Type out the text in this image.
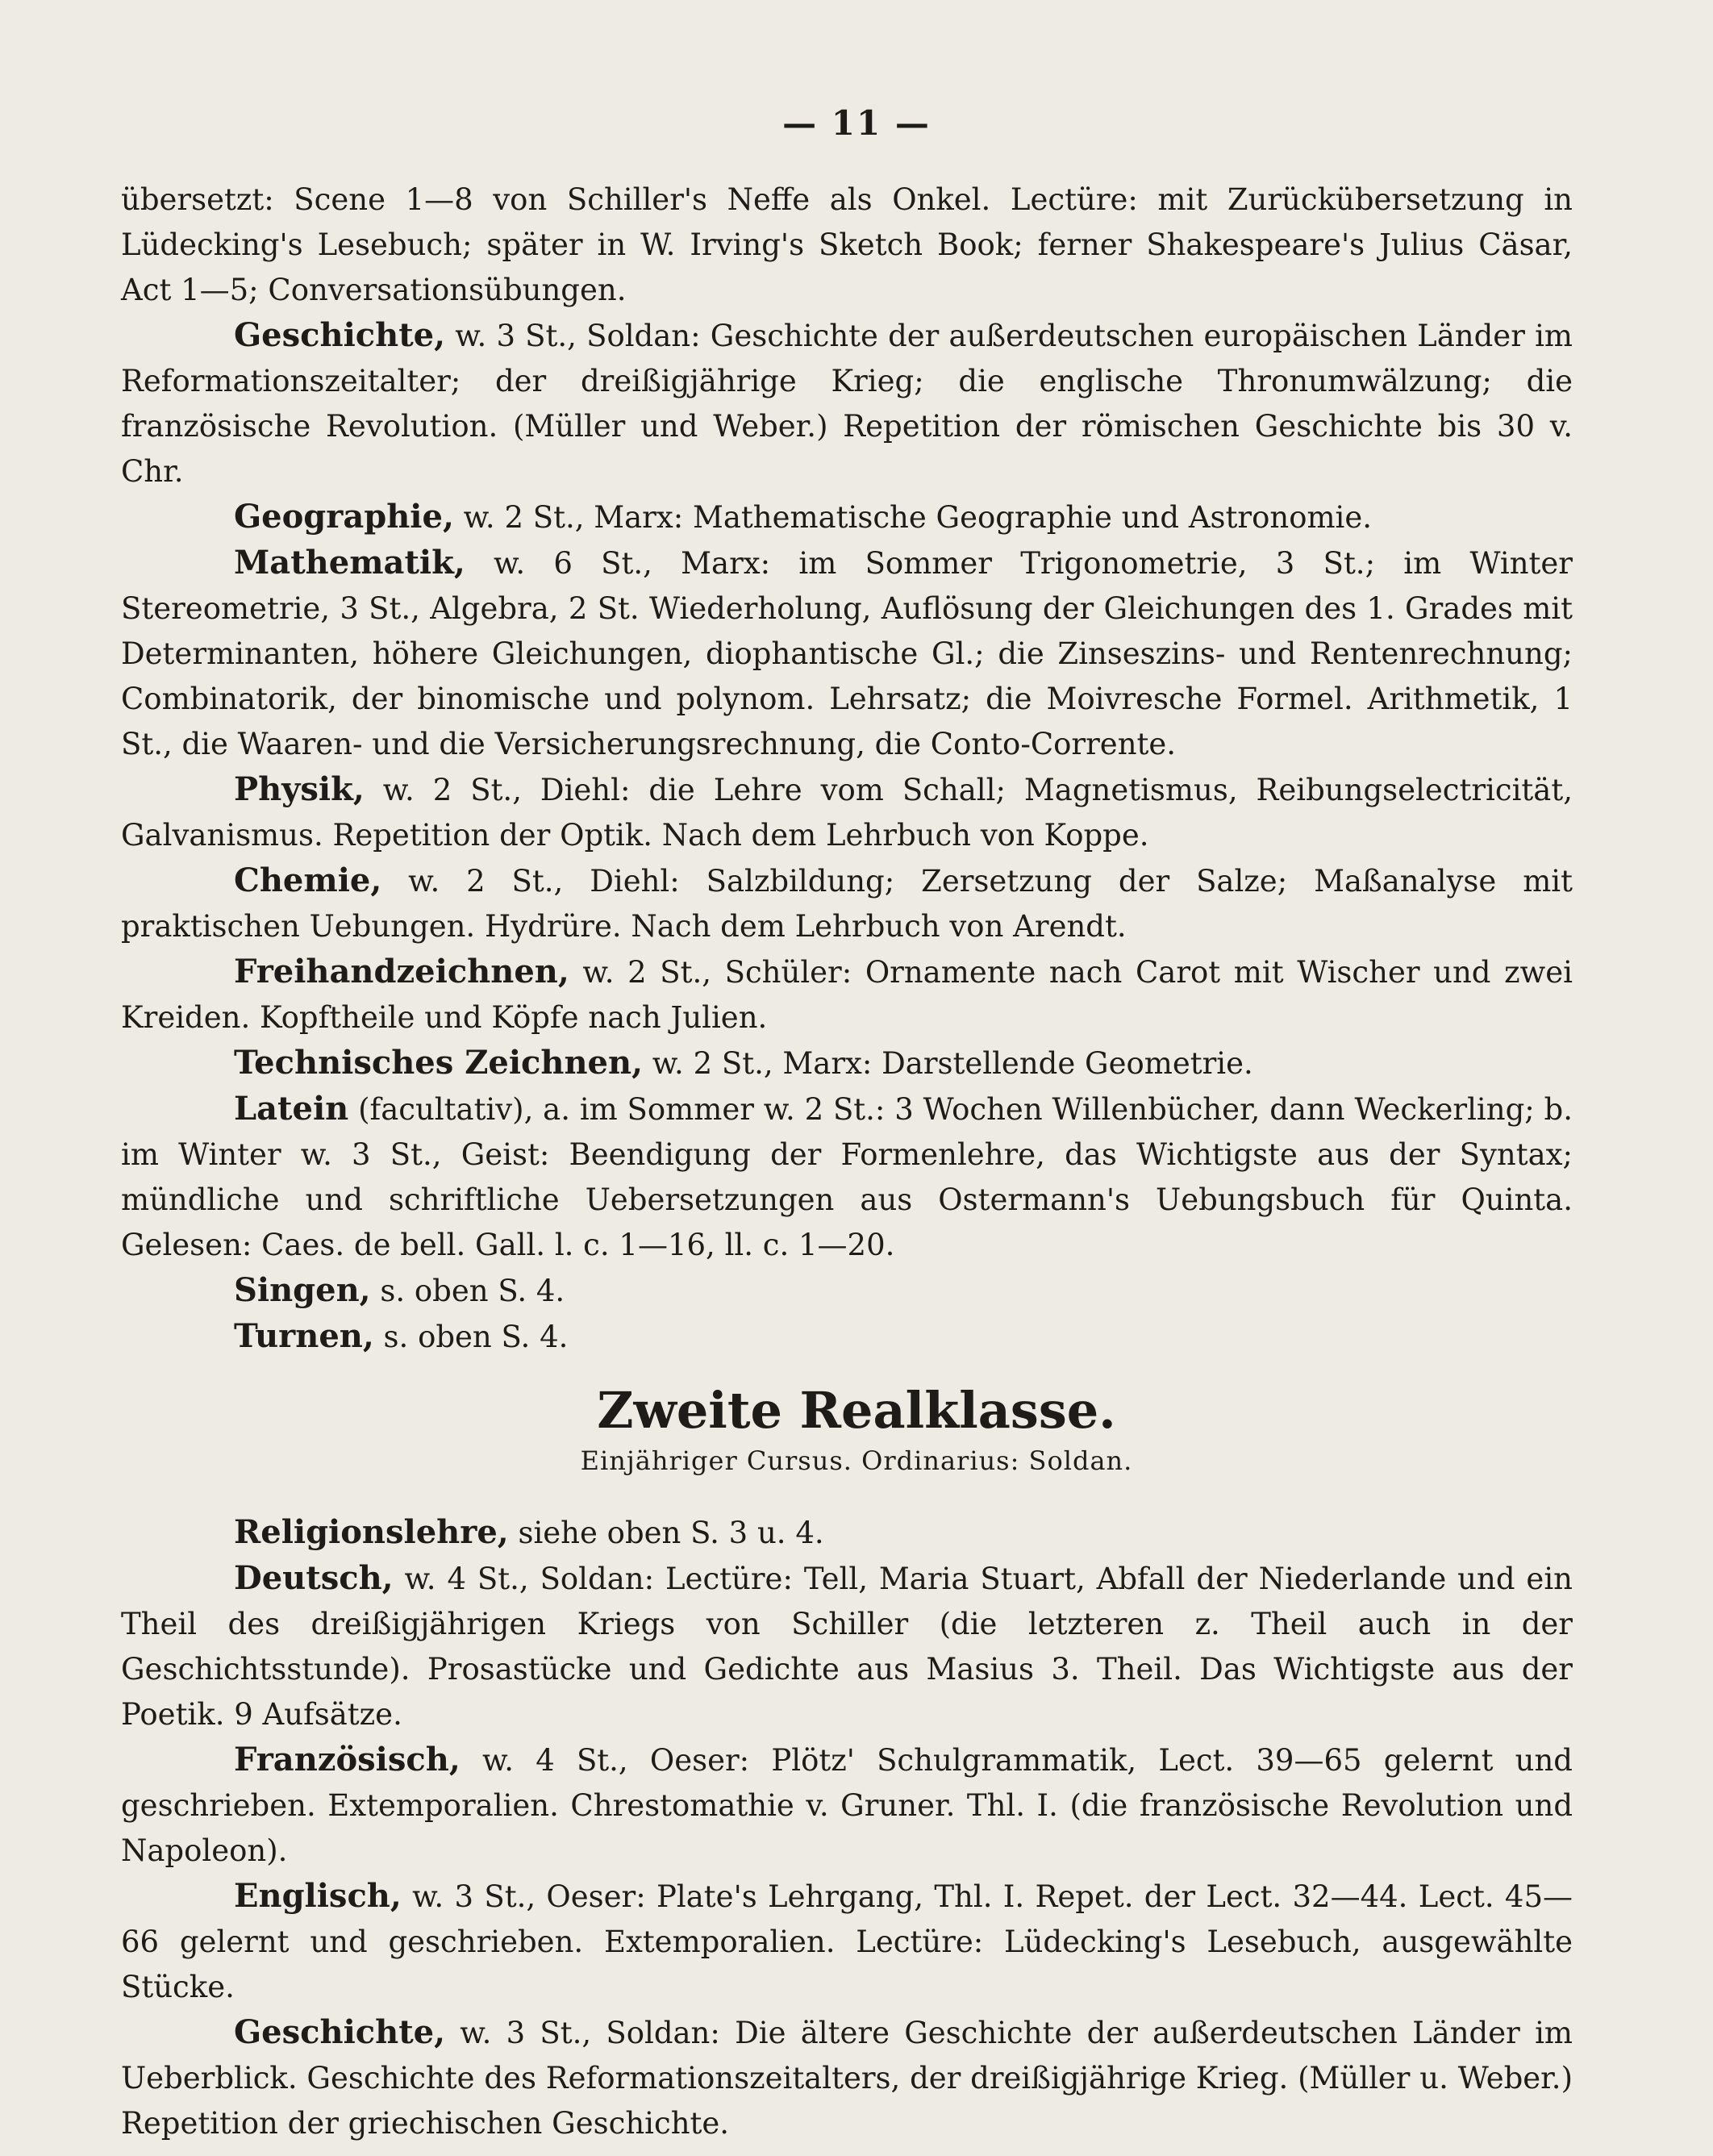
— 11 —

übersetzt: Scene 1—8 von Schiller's Neffe als Onkel. Lectüre: mit Zurückübersetzung in Lüdecking's Lesebuch; später in W. Irving's Sketch Book; ferner Shakespeare's Julius Cäsar, Act 1—5; Conversationsübungen.

Geschichte, w. 3 St., Soldan: Geschichte der außerdeutschen europäischen Länder im Reformationszeitalter; der dreißigjährige Krieg; die englische Thronumwälzung; die französische Revolution. (Müller und Weber.) Repetition der römischen Geschichte bis 30 v. Chr.

Geographie, w. 2 St., Marx: Mathematische Geographie und Astronomie.

Mathematik, w. 6 St., Marx: im Sommer Trigonometrie, 3 St.; im Winter Stereometrie, 3 St., Algebra, 2 St. Wiederholung, Auflösung der Gleichungen des 1. Grades mit Determinanten, höhere Gleichungen, diophantische Gl.; die Zinseszins- und Rentenrechnung; Combinatorik, der binomische und polynom. Lehrsatz; die Moivresche Formel. Arithmetik, 1 St., die Waaren- und die Versicherungsrechnung, die Conto-Corrente.

Physik, w. 2 St., Diehl: die Lehre vom Schall; Magnetismus, Reibungselectricität, Galvanismus. Repetition der Optik. Nach dem Lehrbuch von Koppe.

Chemie, w. 2 St., Diehl: Salzbildung; Zersetzung der Salze; Maßanalyse mit praktischen Uebungen. Hydrüre. Nach dem Lehrbuch von Arendt.

Freihandzeichnen, w. 2 St., Schüler: Ornamente nach Carot mit Wischer und zwei Kreiden. Kopftheile und Köpfe nach Julien.

Technisches Zeichnen, w. 2 St., Marx: Darstellende Geometrie.

Latein (facultativ), a. im Sommer w. 2 St.: 3 Wochen Willenbücher, dann Weckerling; b. im Winter w. 3 St., Geist: Beendigung der Formenlehre, das Wichtigste aus der Syntax; mündliche und schriftliche Uebersetzungen aus Ostermann's Uebungsbuch für Quinta. Gelesen: Caes. de bell. Gall. l. c. 1—16, ll. c. 1—20.

Singen, s. oben S. 4.

Turnen, s. oben S. 4.

Zweite Realklasse.
Einjähriger Cursus. Ordinarius: Soldan.

Religionslehre, siehe oben S. 3 u. 4.

Deutsch, w. 4 St., Soldan: Lectüre: Tell, Maria Stuart, Abfall der Niederlande und ein Theil des dreißigjährigen Kriegs von Schiller (die letzteren z. Theil auch in der Geschichtsstunde). Prosastücke und Gedichte aus Masius 3. Theil. Das Wichtigste aus der Poetik. 9 Aufsätze.

Französisch, w. 4 St., Oeser: Plötz' Schulgrammatik, Lect. 39—65 gelernt und geschrieben. Extemporalien. Chrestomathie v. Gruner. Thl. I. (die französische Revolution und Napoleon).

Englisch, w. 3 St., Oeser: Plate's Lehrgang, Thl. I. Repet. der Lect. 32—44. Lect. 45—66 gelernt und geschrieben. Extemporalien. Lectüre: Lüdecking's Lesebuch, ausgewählte Stücke.

Geschichte, w. 3 St., Soldan: Die ältere Geschichte der außerdeutschen Länder im Ueberblick. Geschichte des Reformationszeitalters, der dreißigjährige Krieg. (Müller u. Weber.) Repetition der griechischen Geschichte.
